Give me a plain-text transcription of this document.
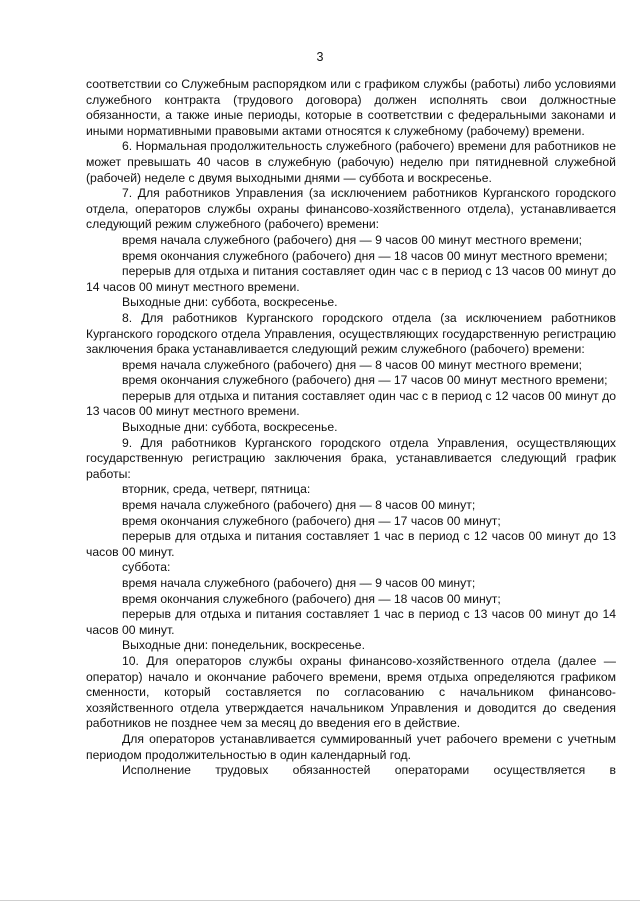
3

соответствии со Служебным распорядком или с графиком службы (работы) либо условиями служебного контракта (трудового договора) должен исполнять свои должностные обязанности, а также иные периоды, которые в соответствии с федеральными законами и иными нормативными правовыми актами относятся к служебному (рабочему) времени.

6. Нормальная продолжительность служебного (рабочего) времени для работников не может превышать 40 часов в служебную (рабочую) неделю при пятидневной служебной (рабочей) неделе с двумя выходными днями — суббота и воскресенье.

7. Для работников Управления (за исключением работников Курганского городского отдела, операторов службы охраны финансово-хозяйственного отдела), устанавливается следующий режим служебного (рабочего) времени:

время начала служебного (рабочего) дня — 9 часов 00 минут местного времени;

время окончания служебного (рабочего) дня — 18 часов 00 минут местного времени;

перерыв для отдыха и питания составляет один час с в период с 13 часов 00 минут до 14 часов 00 минут местного времени.

Выходные дни: суббота, воскресенье.

8. Для работников Курганского городского отдела (за исключением работников Курганского городского отдела Управления, осуществляющих государственную регистрацию заключения брака устанавливается следующий режим служебного (рабочего) времени:

время начала служебного (рабочего) дня — 8 часов 00 минут местного времени;

время окончания служебного (рабочего) дня — 17 часов 00 минут местного времени;

перерыв для отдыха и питания составляет один час с в период с 12 часов 00 минут до 13 часов 00 минут местного времени.

Выходные дни: суббота, воскресенье.

9. Для работников Курганского городского отдела Управления, осуществляющих государственную регистрацию заключения брака, устанавливается следующий график работы:

вторник, среда, четверг, пятница:

время начала служебного (рабочего) дня — 8 часов 00 минут;

время окончания служебного (рабочего) дня — 17 часов 00 минут;

перерыв для отдыха и питания составляет 1 час в период с 12 часов 00 минут до 13 часов 00 минут.

суббота:

время начала служебного (рабочего) дня — 9 часов 00 минут;

время окончания служебного (рабочего) дня — 18 часов 00 минут;

перерыв для отдыха и питания составляет 1 час в период с 13 часов 00 минут до 14 часов 00 минут.

Выходные дни: понедельник, воскресенье.

10. Для операторов службы охраны финансово-хозяйственного отдела (далее — оператор) начало и окончание рабочего времени, время отдыха определяются графиком сменности, который составляется по согласованию с начальником финансово-хозяйственного отдела утверждается начальником Управления и доводится до сведения работников не позднее чем за месяц до введения его в действие.

Для операторов устанавливается суммированный учет рабочего времени с учетным периодом продолжительностью в один календарный год.

Исполнение трудовых обязанностей операторами осуществляется в
